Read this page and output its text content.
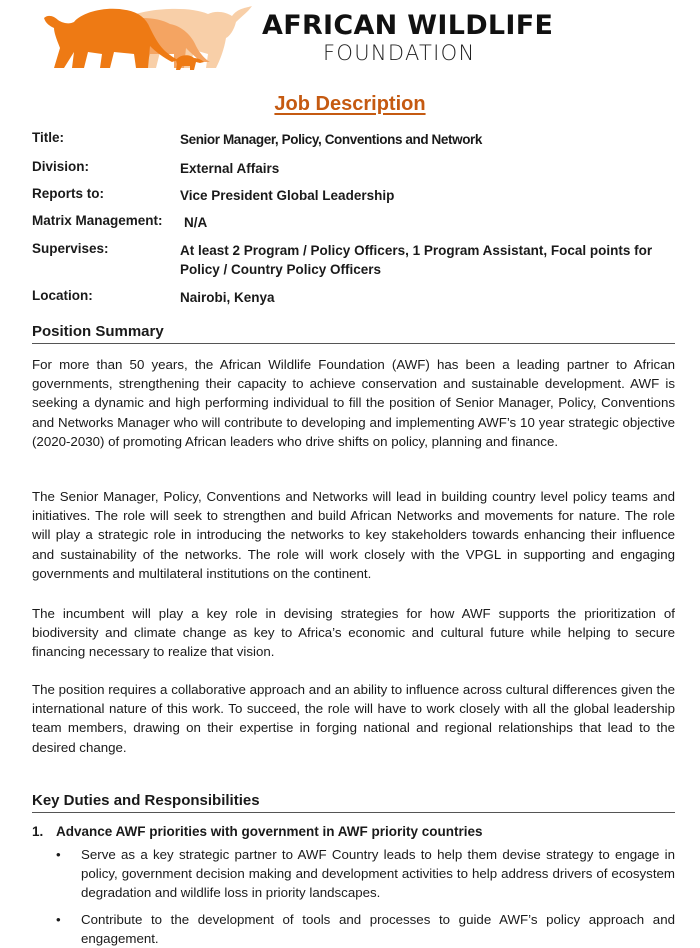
AFRICAN WILDLIFE
FOUNDATION
Job Description
Title:	Senior Manager, Policy, Conventions and Network
Division:	External Affairs
Reports to:	Vice President Global Leadership
Matrix Management:	N/A
Supervises:	At least 2 Program / Policy Officers, 1 Program Assistant, Focal points for Policy / Country Policy Officers
Location:	Nairobi, Kenya
Position Summary
For more than 50 years, the African Wildlife Foundation (AWF) has been a leading partner to African governments, strengthening their capacity to achieve conservation and sustainable development. AWF is seeking a dynamic and high performing individual to fill the position of Senior Manager, Policy, Conventions and Networks Manager who will contribute to developing and implementing AWF’s 10 year strategic objective (2020-2030) of promoting African leaders who drive shifts on policy, planning and finance.
The Senior Manager, Policy, Conventions and Networks will lead in building country level policy teams and initiatives. The role will seek to strengthen and build African Networks and movements for nature. The role will play a strategic role in introducing the networks to key stakeholders towards enhancing their influence and sustainability of the networks. The role will work closely with the VPGL in supporting and engaging governments and multilateral institutions on the continent.
The incumbent will play a key role in devising strategies for how AWF supports the prioritization of biodiversity and climate change as key to Africa’s economic and cultural future while helping to secure financing necessary to realize that vision.
The position requires a collaborative approach and an ability to influence across cultural differences given the international nature of this work. To succeed, the role will have to work closely with all the global leadership team members, drawing on their expertise in forging national and regional relationships that lead to the desired change.
Key Duties and Responsibilities
1. Advance AWF priorities with government in AWF priority countries
• Serve as a key strategic partner to AWF Country leads to help them devise strategy to engage in policy, government decision making and development activities to help address drivers of ecosystem degradation and wildlife loss in priority landscapes.
• Contribute to the development of tools and processes to guide AWF’s policy approach and engagement.
